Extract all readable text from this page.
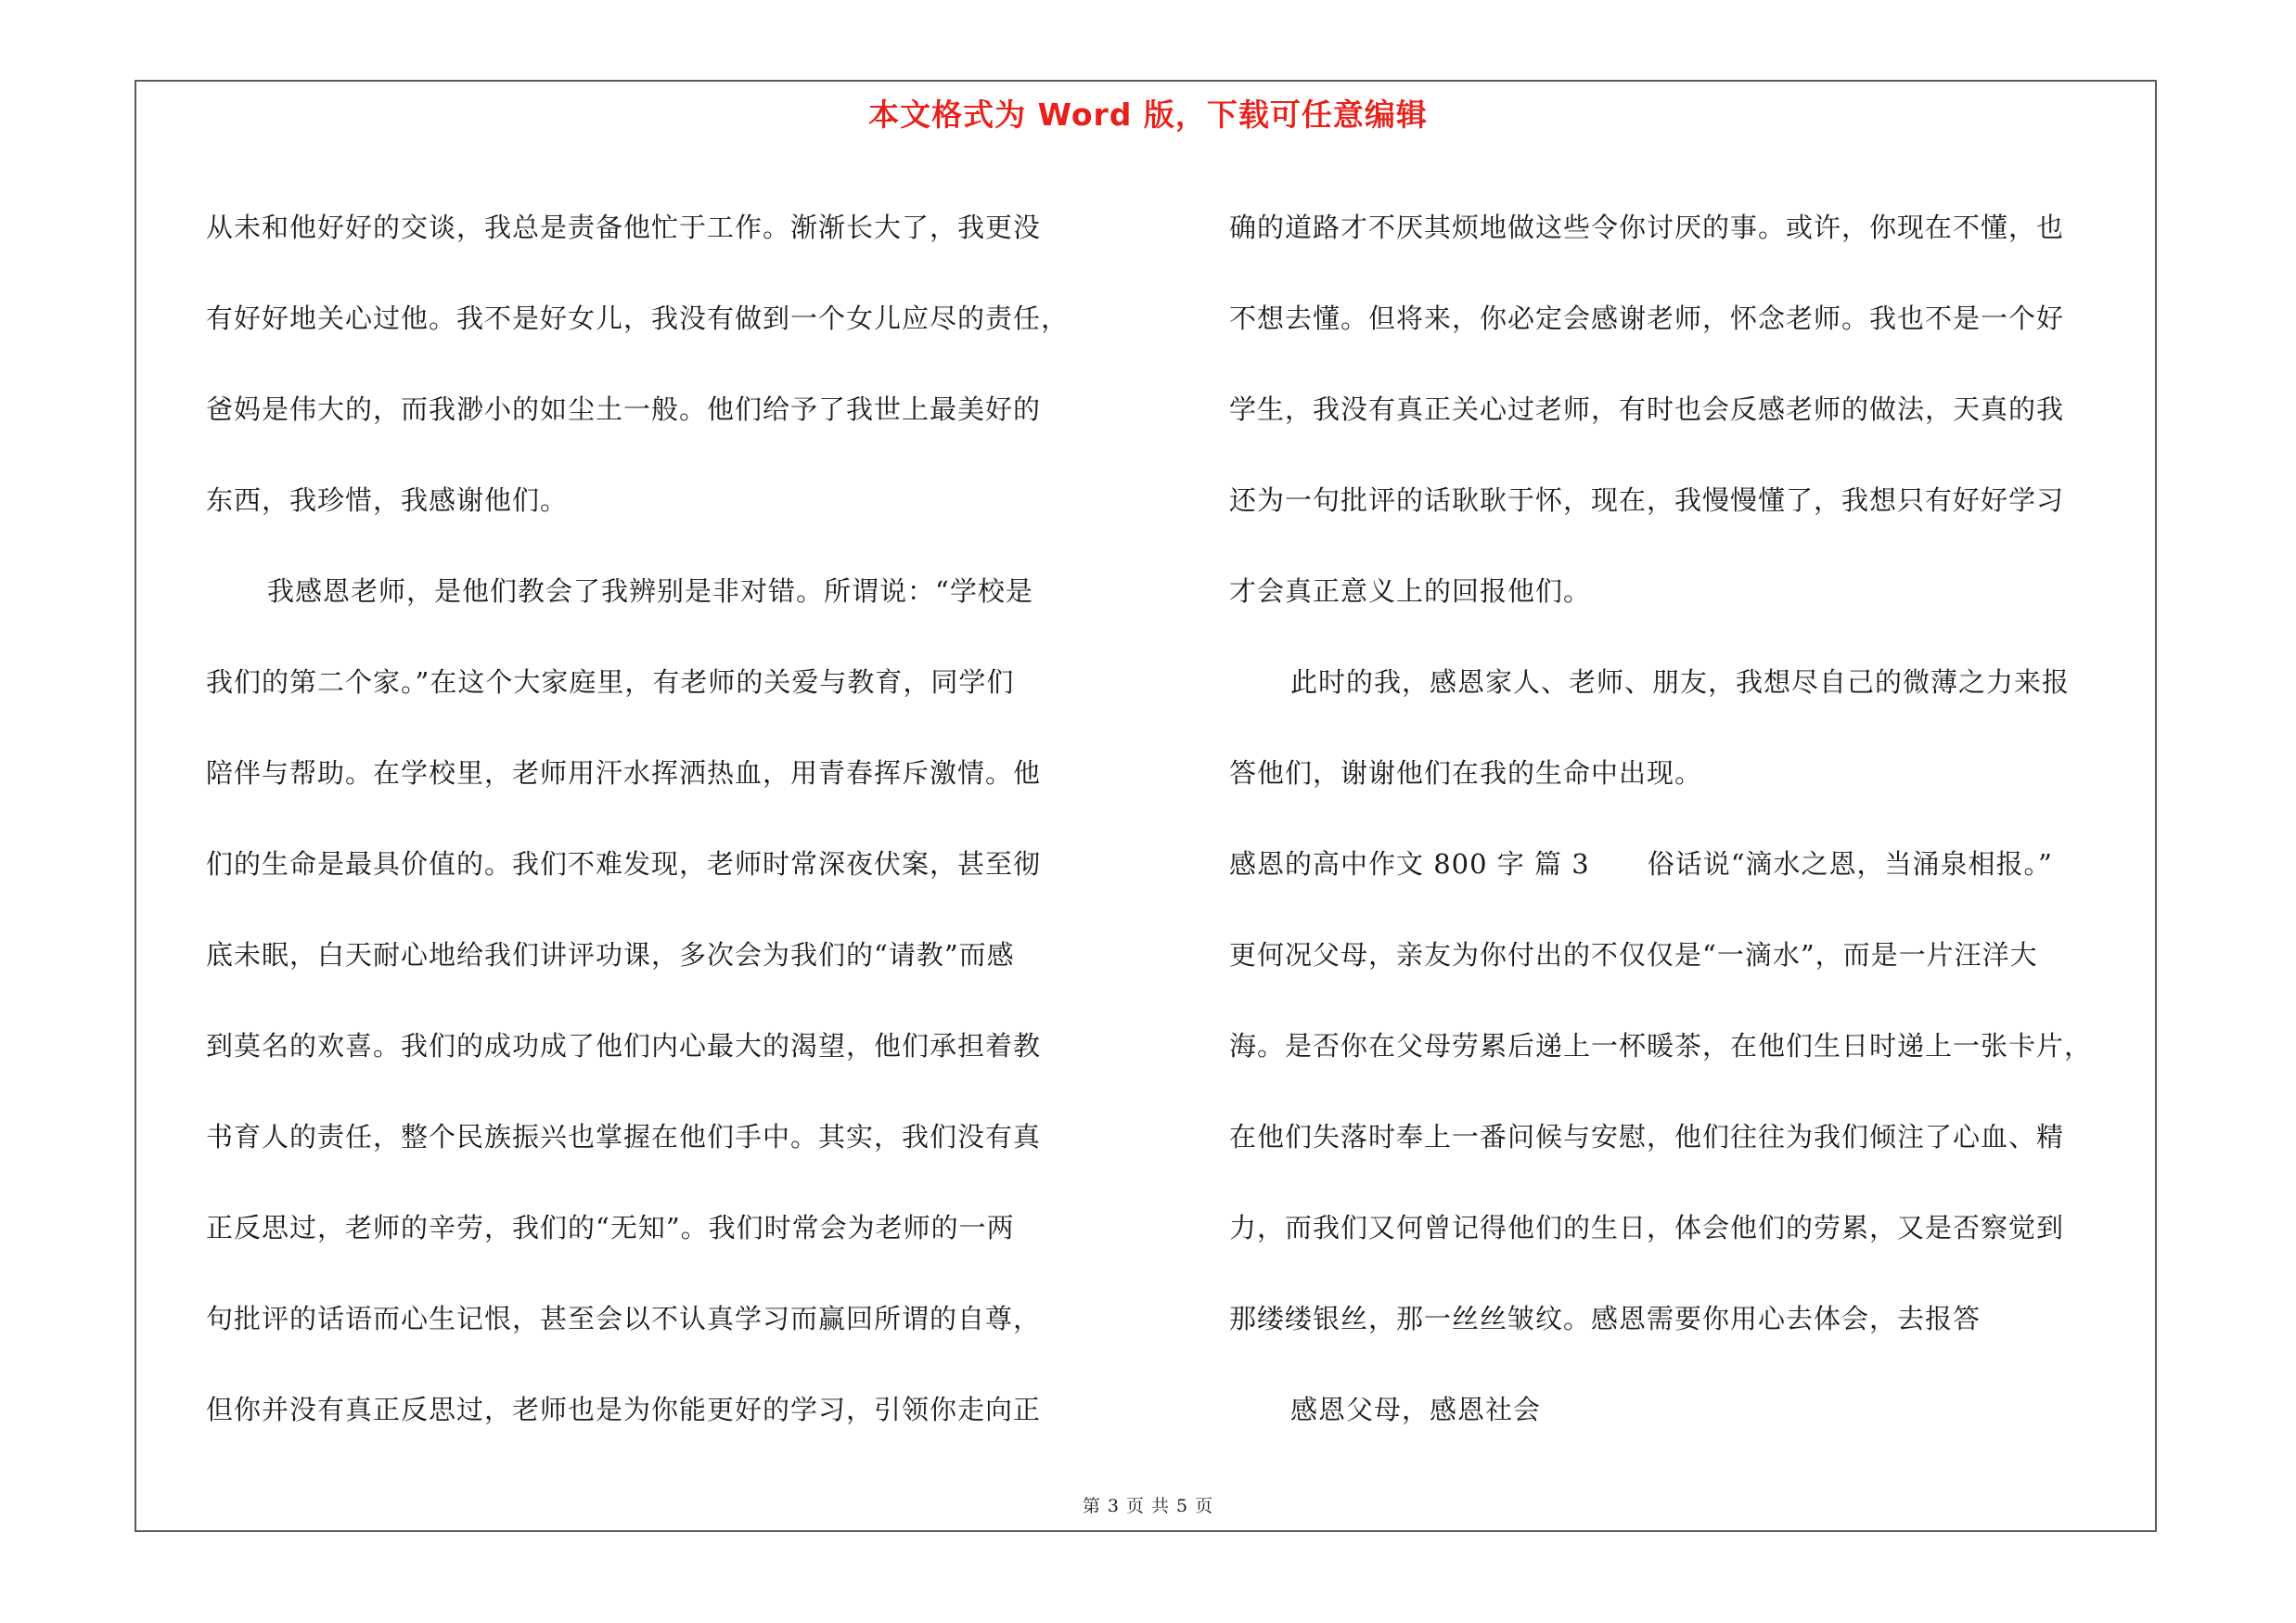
本文格式为 Word 版，下载可任意编辑
从未和他好好的交谈，我总是责备他忙于工作。渐渐长大了，我更没
有好好地关心过他。我不是好女儿，我没有做到一个女儿应尽的责任，
爸妈是伟大的，而我渺小的如尘土一般。他们给予了我世上最美好的
东西，我珍惜，我感谢他们。
我感恩老师，是他们教会了我辨别是非对错。所谓说：“学校是
我们的第二个家。”在这个大家庭里，有老师的关爱与教育，同学们
陪伴与帮助。在学校里，老师用汗水挥洒热血，用青春挥斥激情。他
们的生命是最具价值的。我们不难发现，老师时常深夜伏案，甚至彻
底未眠，白天耐心地给我们讲评功课，多次会为我们的“请教”而感
到莫名的欢喜。我们的成功成了他们内心最大的渴望，他们承担着教
书育人的责任，整个民族振兴也掌握在他们手中。其实，我们没有真
正反思过，老师的辛劳，我们的“无知”。我们时常会为老师的一两
句批评的话语而心生记恨，甚至会以不认真学习而赢回所谓的自尊，
但你并没有真正反思过，老师也是为你能更好的学习，引领你走向正
确的道路才不厌其烦地做这些令你讨厌的事。或许，你现在不懂，也
不想去懂。但将来，你必定会感谢老师，怀念老师。我也不是一个好
学生，我没有真正关心过老师，有时也会反感老师的做法，天真的我
还为一句批评的话耿耿于怀，现在，我慢慢懂了，我想只有好好学习
才会真正意义上的回报他们。
此时的我，感恩家人、老师、朋友，我想尽自己的微薄之力来报
答他们，谢谢他们在我的生命中出现。
感恩的高中作文 800 字 篇 3 俗话说“滴水之恩，当涌泉相报。”
更何况父母，亲友为你付出的不仅仅是“一滴水”，而是一片汪洋大
海。是否你在父母劳累后递上一杯暖茶，在他们生日时递上一张卡片，
在他们失落时奉上一番问候与安慰，他们往往为我们倾注了心血、精
力，而我们又何曾记得他们的生日，体会他们的劳累，又是否察觉到
那缕缕银丝，那一丝丝皱纹。感恩需要你用心去体会，去报答
感恩父母，感恩社会
第 3 页 共 5 页
